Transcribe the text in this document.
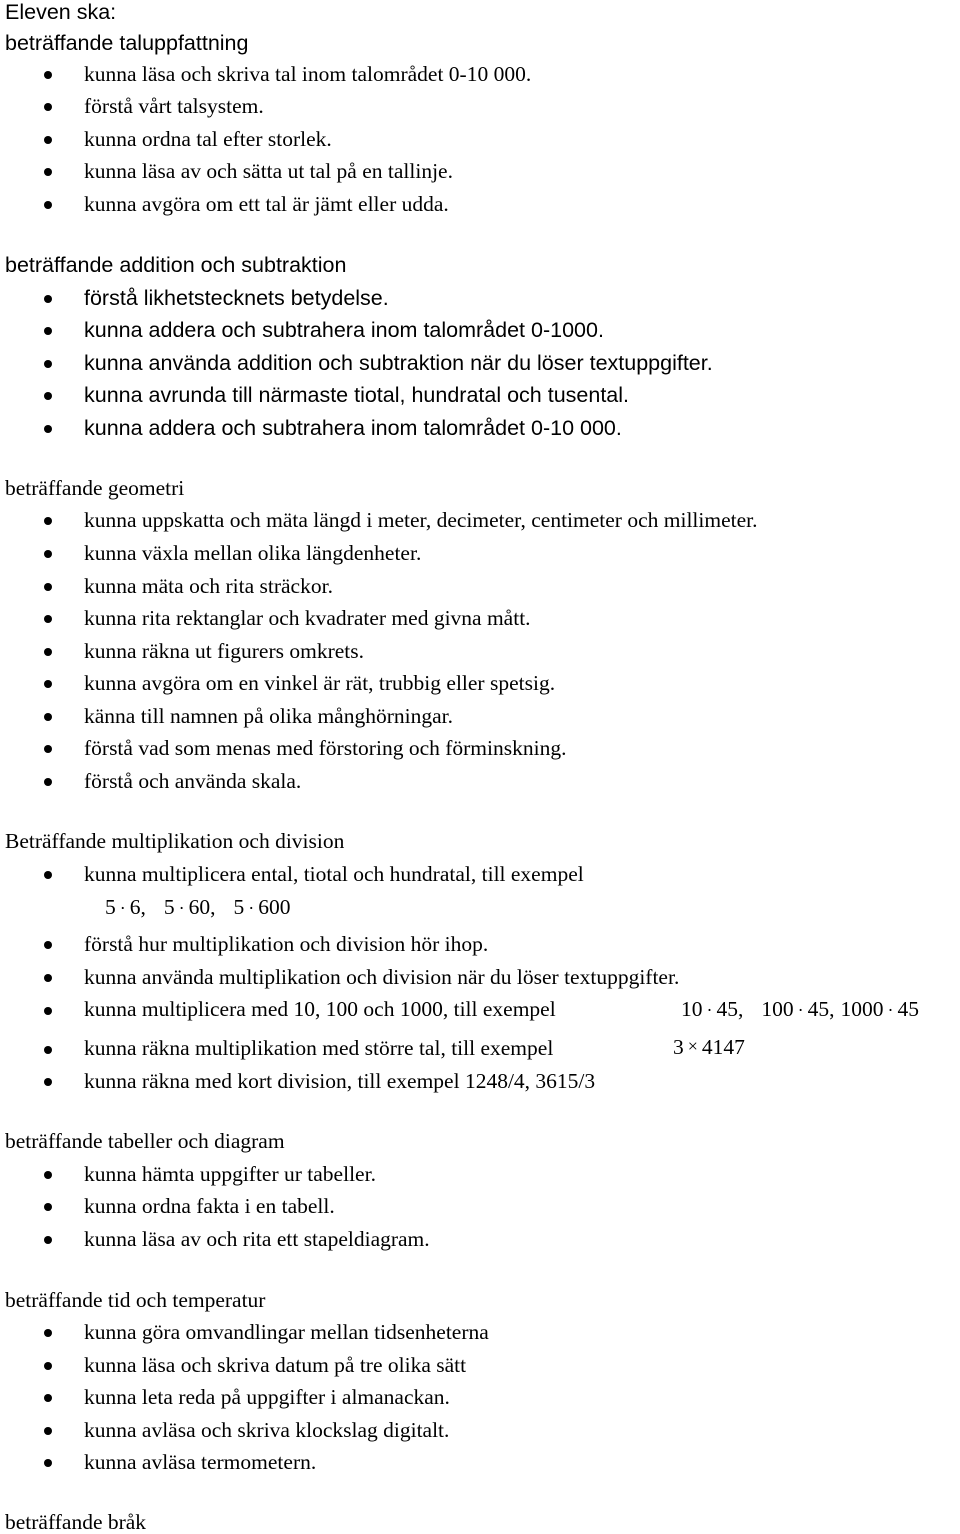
Eleven ska:
beträffande taluppfattning
kunna läsa och skriva tal inom talområdet 0-10 000.
förstå vårt talsystem.
kunna ordna tal efter storlek.
kunna läsa av och sätta ut tal på en tallinje.
kunna avgöra om ett tal är jämt eller udda.
beträffande addition och subtraktion
förstå likhetstecknets betydelse.
kunna addera och subtrahera inom talområdet 0-1000.
kunna använda addition och subtraktion när du löser textuppgifter.
kunna avrunda till närmaste tiotal, hundratal och tusental.
kunna addera och subtrahera inom talområdet 0-10 000.
beträffande geometri
kunna uppskatta och mäta längd i meter, decimeter, centimeter och millimeter.
kunna växla mellan olika längdenheter.
kunna mäta och rita sträckor.
kunna rita rektanglar och kvadrater med givna mått.
kunna räkna ut figurers omkrets.
kunna avgöra om en vinkel är rät, trubbig eller spetsig.
känna till namnen på olika månghörningar.
förstå vad som menas med förstoring och förminskning.
förstå och använda skala.
Beträffande multiplikation och division
kunna multiplicera ental, tiotal och hundratal, till exempel
5 · 6, 5 · 60, 5 · 600
förstå hur multiplikation och division hör ihop.
kunna använda multiplikation och division när du löser textuppgifter.
kunna multiplicera med 10, 100 och 1000, till exempel	10 · 45, 100 · 45, 1000 · 45
kunna räkna multiplikation med större tal, till exempel	3 × 4147
kunna räkna med kort division, till exempel 1248/4, 3615/3
beträffande tabeller och diagram
kunna hämta uppgifter ur tabeller.
kunna ordna fakta i en tabell.
kunna läsa av och rita ett stapeldiagram.
beträffande tid och temperatur
kunna göra omvandlingar mellan tidsenheterna
kunna läsa och skriva datum på tre olika sätt
kunna leta reda på uppgifter i almanackan.
kunna avläsa och skriva klockslag digitalt.
kunna avläsa termometern.
beträffande bråk
